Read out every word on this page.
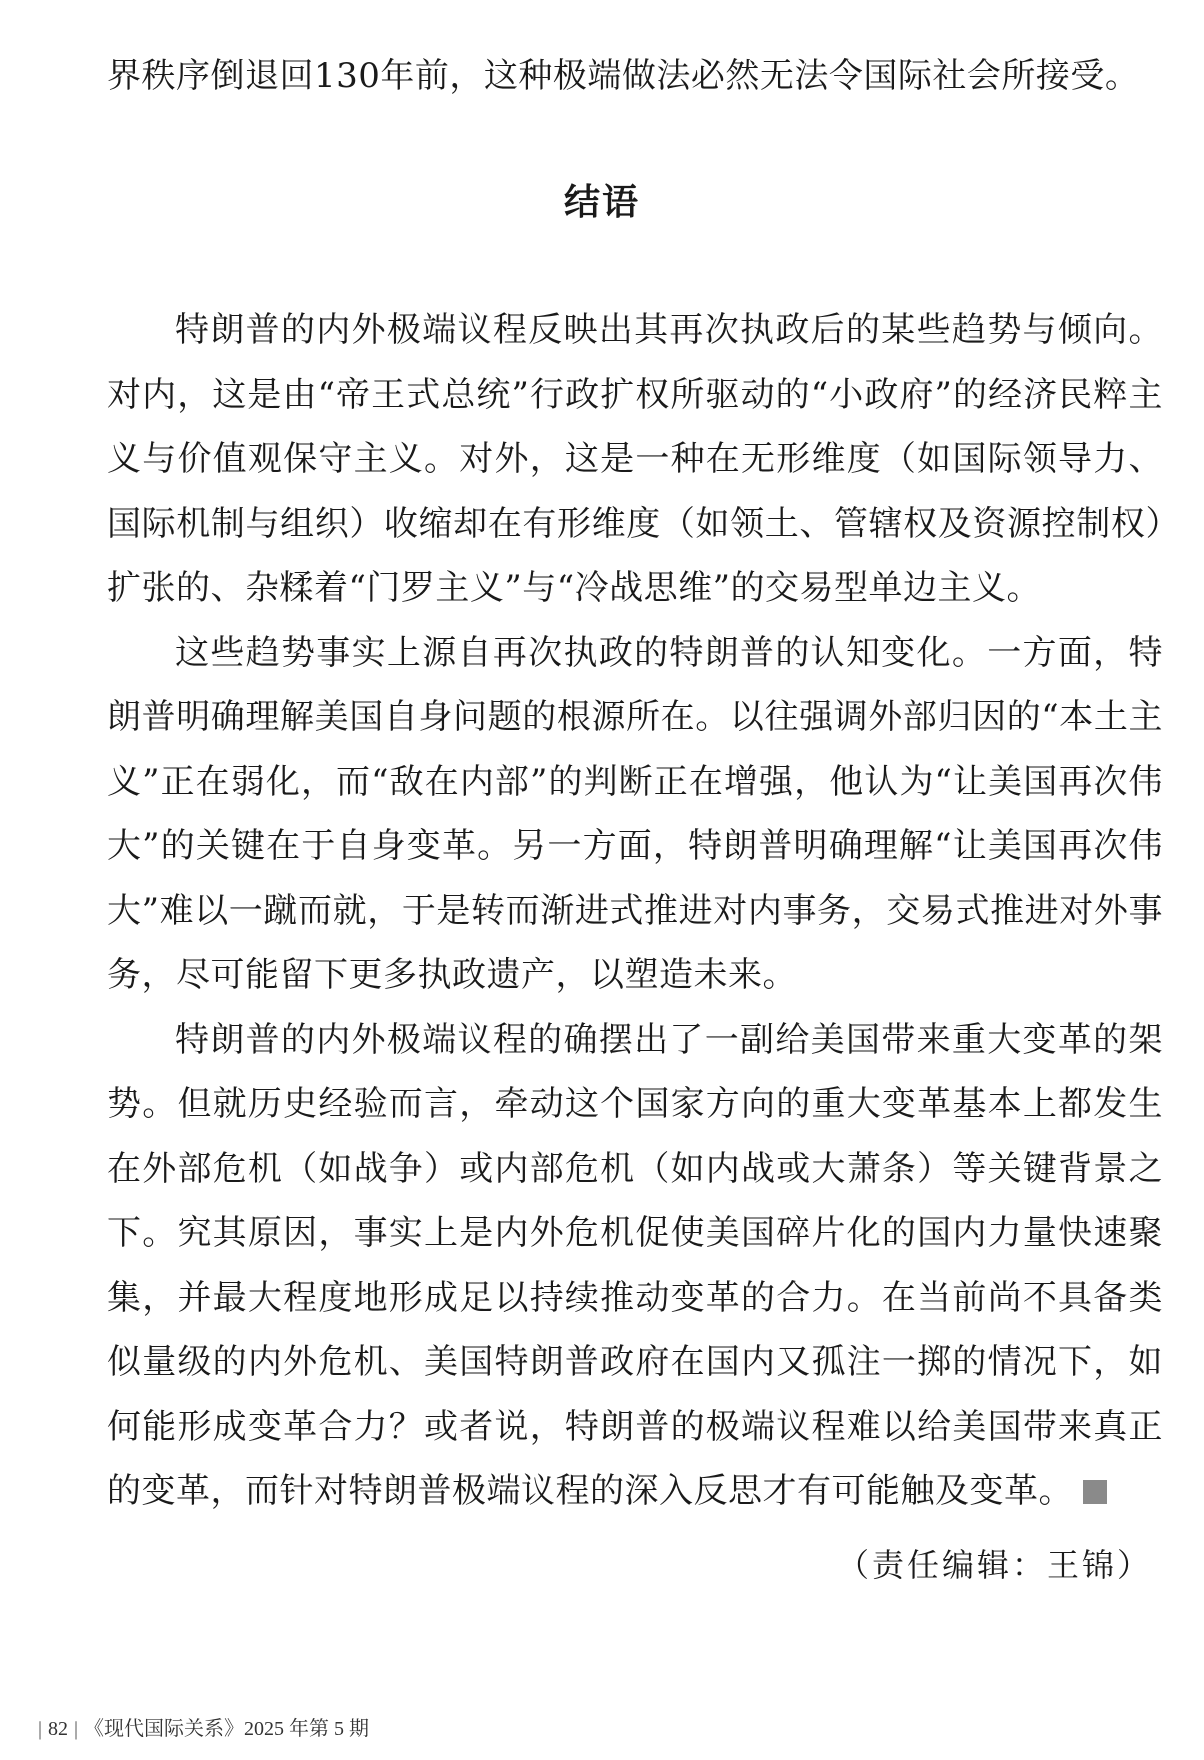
界秩序倒退回130年前，这种极端做法必然无法令国际社会所接受。

结语

特朗普的内外极端议程反映出其再次执政后的某些趋势与倾向。对内，这是由“帝王式总统”行政扩权所驱动的“小政府”的经济民粹主义与价值观保守主义。对外，这是一种在无形维度（如国际领导力、国际机制与组织）收缩却在有形维度（如领土、管辖权及资源控制权）扩张的、杂糅着“门罗主义”与“冷战思维”的交易型单边主义。

这些趋势事实上源自再次执政的特朗普的认知变化。一方面，特朗普明确理解美国自身问题的根源所在。以往强调外部归因的“本土主义”正在弱化，而“敌在内部”的判断正在增强，他认为“让美国再次伟大”的关键在于自身变革。另一方面，特朗普明确理解“让美国再次伟大”难以一蹴而就，于是转而渐进式推进对内事务，交易式推进对外事务，尽可能留下更多执政遗产，以塑造未来。

特朗普的内外极端议程的确摆出了一副给美国带来重大变革的架势。但就历史经验而言，牵动这个国家方向的重大变革基本上都发生在外部危机（如战争）或内部危机（如内战或大萧条）等关键背景之下。究其原因，事实上是内外危机促使美国碎片化的国内力量快速聚集，并最大程度地形成足以持续推动变革的合力。在当前尚不具备类似量级的内外危机、美国特朗普政府在国内又孤注一掷的情况下，如何能形成变革合力？或者说，特朗普的极端议程难以给美国带来真正的变革，而针对特朗普极端议程的深入反思才有可能触及变革。

（责任编辑：王锦）
| 82 | 《现代国际关系》2025 年第 5 期
